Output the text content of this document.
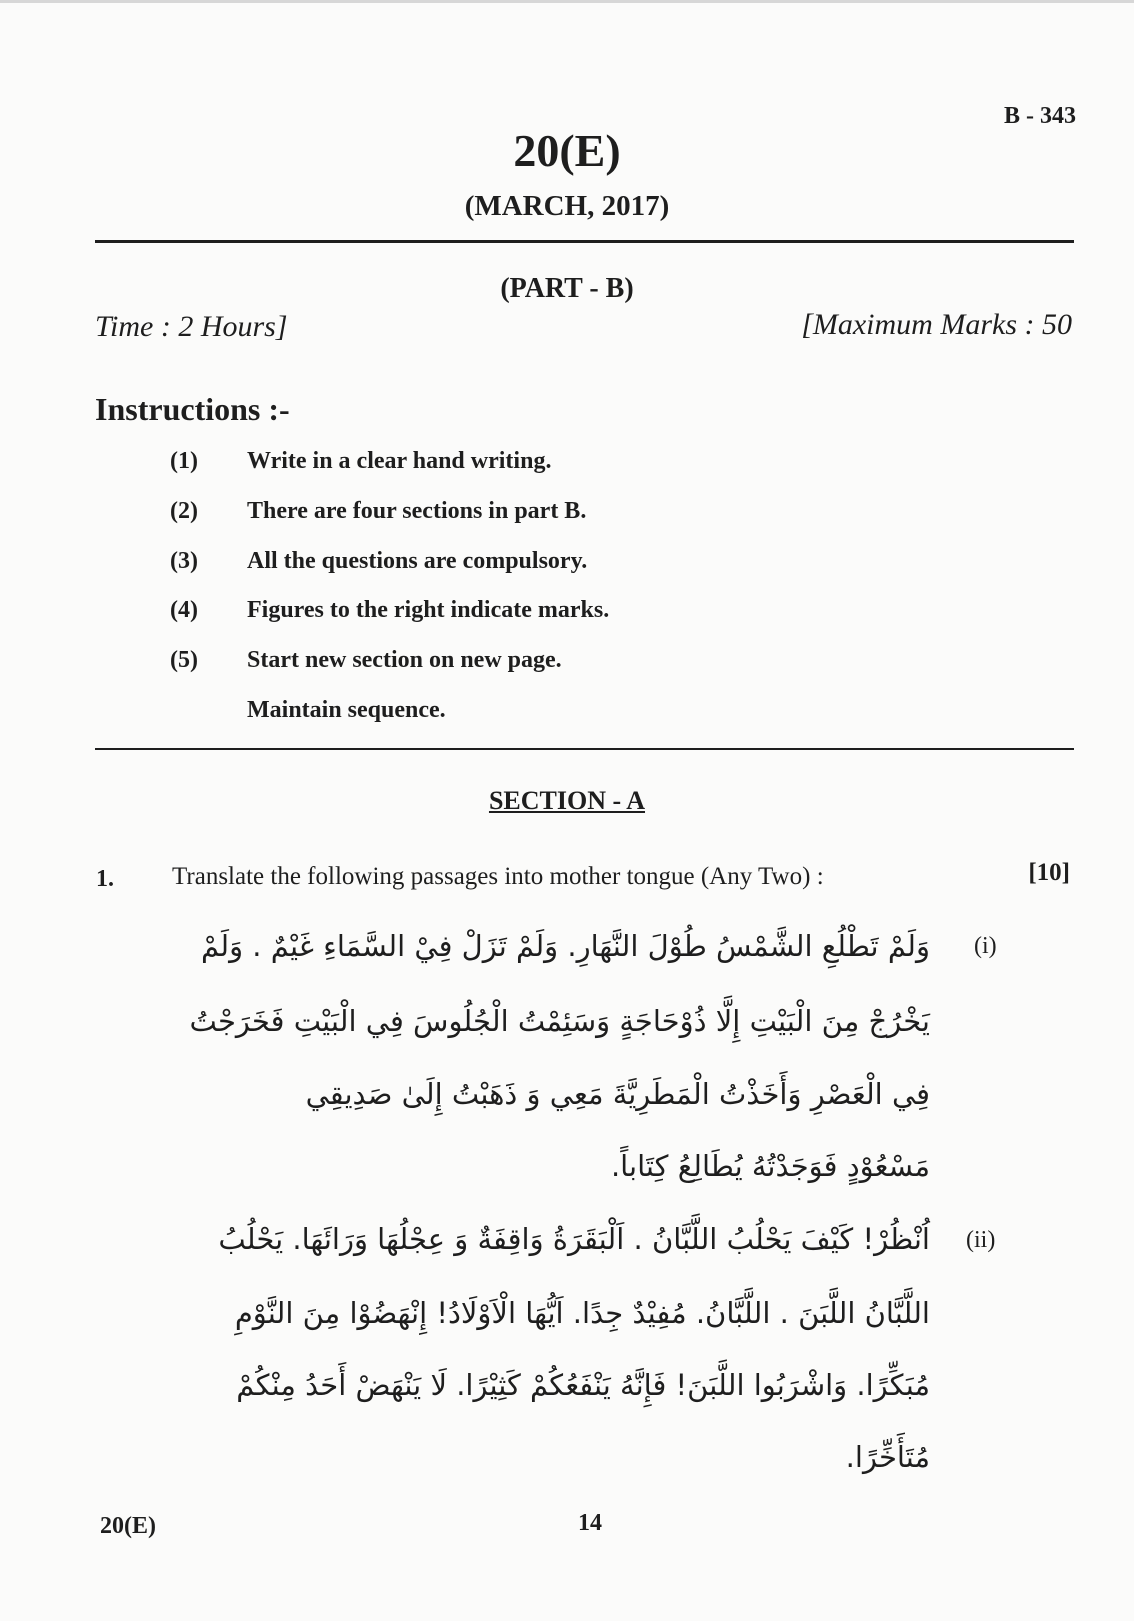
B - 343
20(E)
(MARCH, 2017)
(PART - B)
Time : 2 Hours]	[Maximum Marks : 50
Instructions :-
(1) Write in a clear hand writing.
(2) There are four sections in part B.
(3) All the questions are compulsory.
(4) Figures to the right indicate marks.
(5) Start new section on new page.
Maintain sequence.
SECTION - A
1. Translate the following passages into mother tongue (Any Two) :	[10]
(i)
وَلَمْ تَطْلُعِ الشَّمْسُ طُوْلَ النَّهَارِ. وَلَمْ تَزَلْ فِيْ السَّمَاءِ غَيْمٌ . وَلَمْ
يَخْرُجْ مِنَ الْبَيْتِ إِلَّا ذُوْحَاجَةٍ وَسَئِمْتُ الْجُلُوسَ فِي الْبَيْتِ فَخَرَجْتُ
فِي الْعَصْرِ وَأَخَذْتُ الْمَطَرِيَّةَ مَعِي وَ ذَهَبْتُ إِلَىٰ صَدِيقِي
مَسْعُوْدٍ فَوَجَدْتُهُ يُطَالِعُ كِتَاباً.
(ii)
اُنْظُرْ! كَيْفَ يَحْلُبُ اللَّبَّانُ . اَلْبَقَرَةُ وَاقِفَةٌ وَ عِجْلُهَا وَرَائَهَا. يَحْلُبُ
اللَّبَّانُ اللَّبَنَ . اللَّبَّانُ. مُفِيْدٌ جِدًا. اَيُّهَا الْاَوْلَادُ! إِنْهَضُوْا مِنَ النَّوْمِ
مُبَكِّرًا. وَاشْرَبُوا اللَّبَنَ! فَإِنَّهُ يَنْفَعُكُمْ كَثِيْرًا. لَا يَنْهَضْ أَحَدُ مِنْكُمْ
مُتَأَخِّرًا.
20(E)	14
